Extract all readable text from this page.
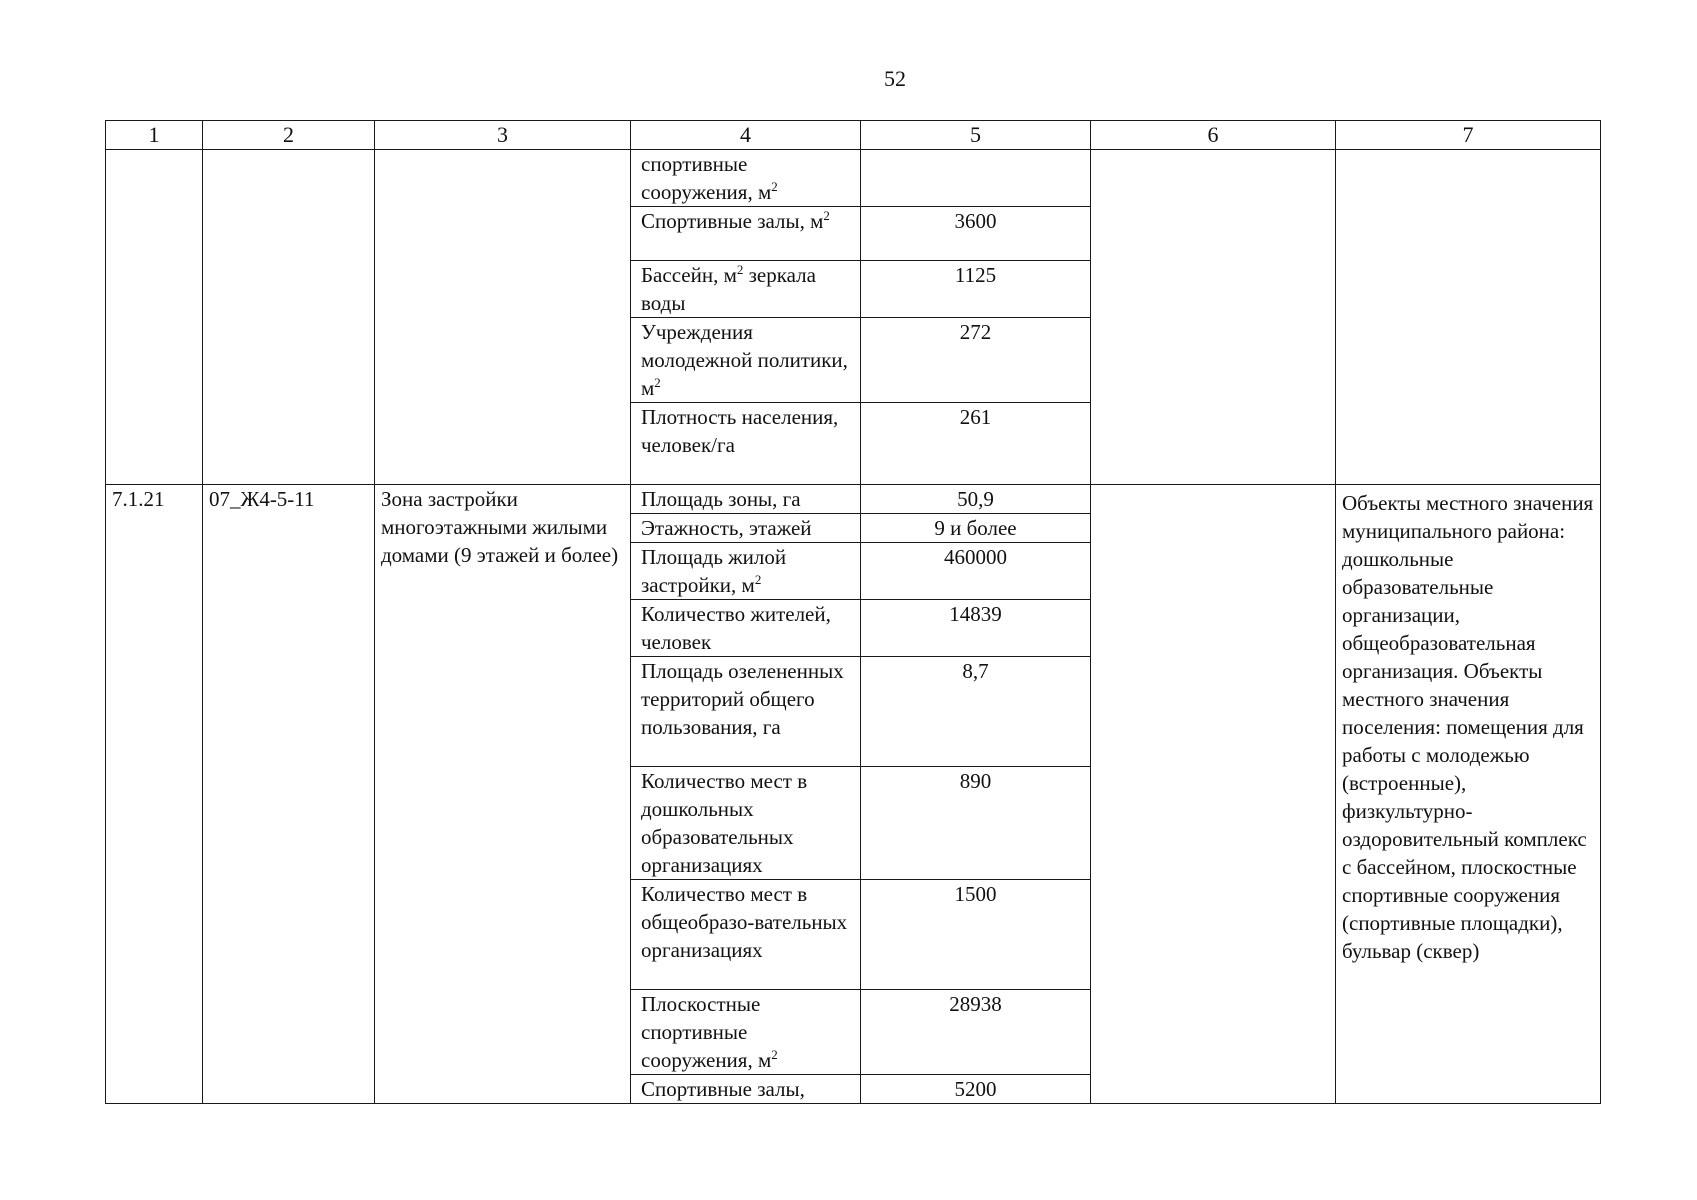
52
1	2	3	4	5	6	7
			спортивные сооружения, $м^2$			
			Спортивные залы, $м^2$	3600		
			Бассейн, $м^2$ зеркала воды	1125		
			Учреждения молодежной политики, $м^2$	272		
			Плотность населения, человек/га	261		
7.1.21	07_Ж4-5-11	Зона застройки многоэтажными жилыми домами (9 этажей и более)	Площадь зоны, га	50,9		Объекты местного значения муниципального района: дошкольные образовательные организации, общеобразовательная организация. Объекты местного значения поселения: помещения для работы с молодежью (встроенные), физкультурно-оздоровительный комплекс с бассейном, плоскостные спортивные сооружения (спортивные площадки), бульвар (сквер)
			Этажность, этажей	9 и более		
			Площадь жилой застройки, $м^2$	460000		
			Количество жителей, человек	14839		
			Площадь озелененных территорий общего пользования, га	8,7		
			Количество мест в дошкольных образовательных организациях	890		
			Количество мест в общеобразо-вательных организациях	1500		
			Плоскостные спортивные сооружения, $м^2$	28938		
			Спортивные залы,	5200		
